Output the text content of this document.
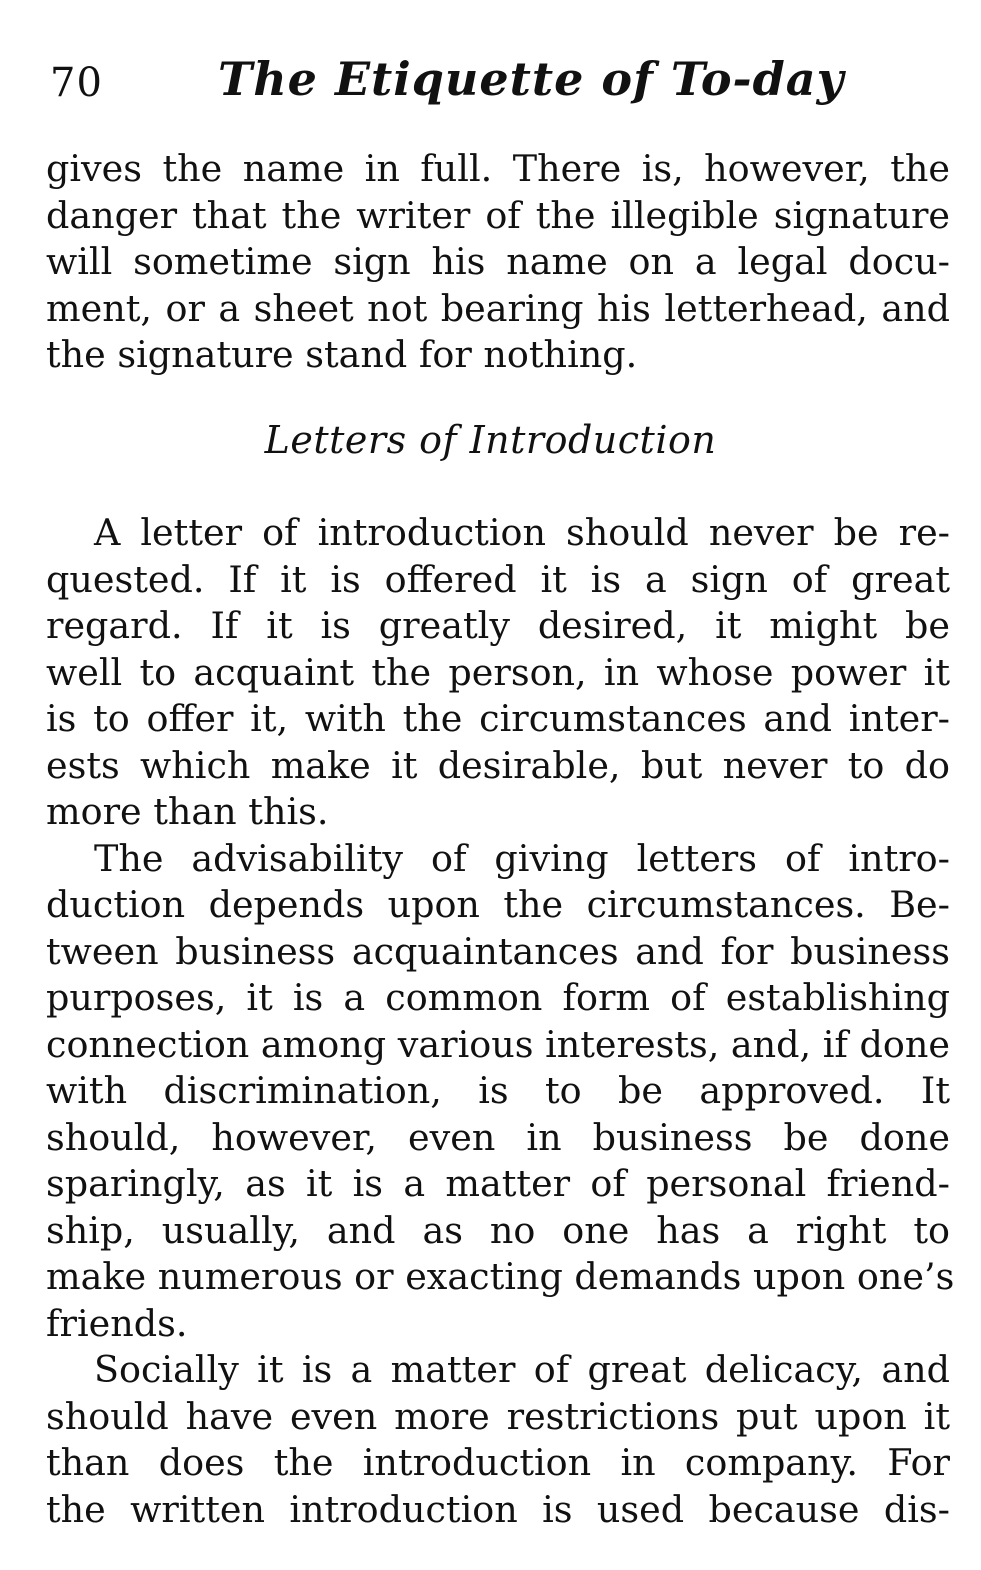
70	The Etiquette of To-day
gives the name in full. There is, however, the
danger that the writer of the illegible signature
will sometime sign his name on a legal docu-
ment, or a sheet not bearing his letterhead, and
the signature stand for nothing.
Letters of Introduction
A letter of introduction should never be re-
quested. If it is offered it is a sign of great
regard. If it is greatly desired, it might be
well to acquaint the person, in whose power it
is to offer it, with the circumstances and inter-
ests which make it desirable, but never to do
more than this.
The advisability of giving letters of intro-
duction depends upon the circumstances. Be-
tween business acquaintances and for business
purposes, it is a common form of establishing
connection among various interests, and, if done
with discrimination, is to be approved. It
should, however, even in business be done
sparingly, as it is a matter of personal friend-
ship, usually, and as no one has a right to
make numerous or exacting demands upon one’s
friends.
Socially it is a matter of great delicacy, and
should have even more restrictions put upon it
than does the introduction in company. For
the written introduction is used because dis-
